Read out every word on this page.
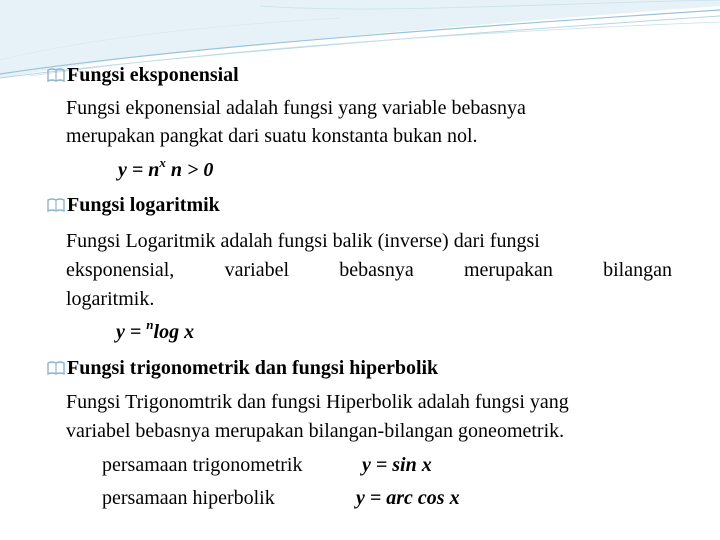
Fungsi eksponensial
Fungsi ekponensial adalah fungsi yang variable bebasnya
merupakan pangkat dari suatu konstanta bukan nol.
$y = n^x$ n > 0
Fungsi logaritmik
Fungsi Logaritmik adalah fungsi balik (inverse) dari fungsi
eksponensial,	variabel	bebasnya	merupakan	bilangan
logaritmik.
y = $^n$log x
Fungsi trigonometrik dan fungsi hiperbolik
Fungsi Trigonomtrik dan fungsi Hiperbolik adalah fungsi yang
variabel bebasnya merupakan bilangan-bilangan goneometrik.
persamaan trigonometrik	y = sin x
persamaan hiperbolik	y = arc cos x
